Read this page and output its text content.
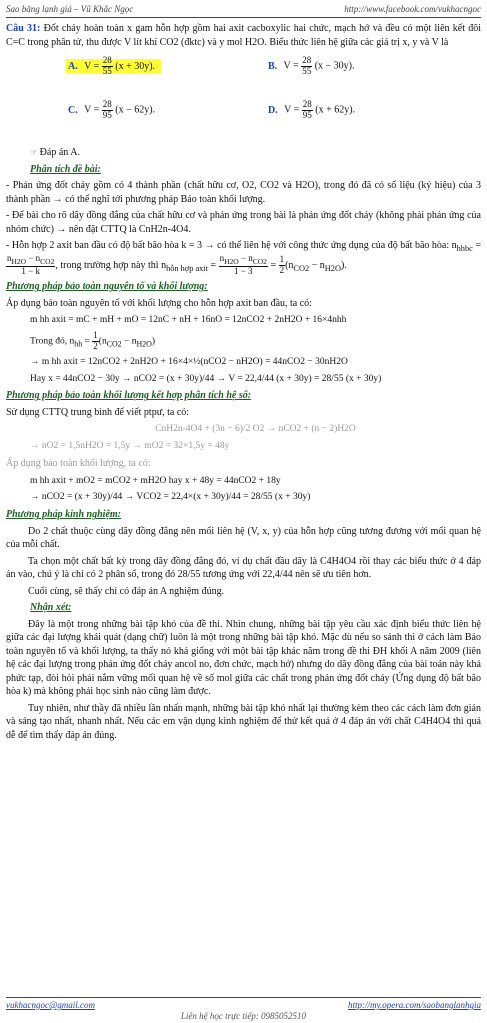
Sao băng lạnh giá – Vũ Khắc Ngọc	http://www.facebook.com/vukhacngoc

Câu 31: Đốt cháy hoàn toàn x gam hỗn hợp gồm hai axit cacboxylic hai chức, mạch hở và đều có một liên kết đôi C=C trong phân tử, thu được V lít khí CO2 (đktc) và y mol H2O. Biểu thức liên hệ giữa các giá trị x, y và V là

A. $V = \frac{28}{55} (x + 30y)$.	B. $V = \frac{28}{55} (x - 30y)$.
C. $V = \frac{28}{95} (x - 62y)$.	D. $V = \frac{28}{95} (x + 62y)$.

☞ Đáp án A.

Phân tích đề bài:

- Phản ứng đốt cháy gồm có 4 thành phần (chất hữu cơ, O2, CO2 và H2O), trong đó đã có số liệu (ký hiệu) của 3 thành phần → có thể nghĩ tới phương pháp Bảo toàn khối lượng.

- Để bài cho rõ dãy đồng đẳng của chất hữu cơ và phản ứng trong bài là phản ứng đốt cháy (không phải phản ứng của nhóm chức) → nên đặt CTTQ là CnH2n-4O4.

- Hỗn hợp 2 axit ban đầu có độ bất bão hòa k = 3 → có thể liên hệ với công thức ứng dụng của độ bất bão hòa: $n_{hhbc}$ =
$n_{H2O} - n_{CO2}$
1 − k
, trong trường hợp này thì $n_{hỗn hợp axit}$ =
$n_{H2O} - n_{CO2}$
1 − 3
= $\frac{1}{2} (n_{CO2} - n_{H2O})$.

Phương pháp bảo toàn nguyên tố và khối lượng:

Áp dụng bảo toàn nguyên tố với khối lượng cho hỗn hợp axit ban đầu, ta có:

m hh axit = mC + mH + mO = 12nC + nH + 16nO = 12nCO2 + 2nH2O + 16×4nhh

Trong đó, $n_{hh} = \frac{1}{2} (n_{CO2} - n_{H2O})$

→ m hh axit = 12nCO2 + 2nH2O + 16×4×½(nCO2 − nH2O) = 44nCO2 − 30nH2O

Hay x = 44nCO2 − 30y → nCO2 = (x + 30y)/44 → V = 22,4/44 (x + 30y) = 28/55 (x + 30y)

Phương pháp bảo toàn khối lượng kết hợp phân tích hệ số:

Sử dụng CTTQ trung bình để viết ptpư, ta có:

CnH2n-4O4 + (3n − 6)/2 O2 → nCO2 + (n − 2)H2O

→ nO2 = 1,5nH2O = 1,5y → mO2 = 32×1,5y = 48y

Áp dụng bảo toàn khối lượng, ta có:

m hh axit + mO2 = mCO2 + mH2O hay x + 48y = 44nCO2 + 18y

→ nCO2 = (x + 30y)/44 → VCO2 = 22,4×(x + 30y)/44 = 28/55 (x + 30y)

Phương pháp kinh nghiệm:

Do 2 chất thuộc cùng dãy đồng đẳng nên mối liên hệ (V, x, y) của hỗn hợp cũng tương đương với mối quan hệ của mỗi chất.

Ta chọn một chất bất kỳ trong dãy đồng đẳng đó, ví dụ chất đầu dãy là C4H4O4 rồi thay các biểu thức ở 4 đáp án vào, chú ý là chỉ có 2 phân số, trong đó 28/55 tương ứng với 22,4/44 nên sẽ ưu tiên hơn.

Cuối cùng, sẽ thấy chỉ có đáp án A nghiệm đúng.

Nhận xét:

Đây là một trong những bài tập khó của đề thi. Nhìn chung, những bài tập yêu cầu xác định biểu thức liên hệ giữa các đại lượng khái quát (dạng chữ) luôn là một trong những bài tập khó. Mặc dù nếu so sánh thì ở cách làm Bảo toàn nguyên tố và khối lượng, ta thấy nó khá giống với một bài tập khác năm trong đề thi ĐH khối A năm 2009 (liên hệ các đại lượng trong phản ứng đốt cháy ancol no, đơn chức, mạch hở) nhưng do dãy đồng đẳng của bài toán này khá phức tạp, đòi hỏi phải nắm vững mối quan hệ về số mol giữa các chất trong phản ứng đốt cháy (Ứng dụng độ bất bão hòa k) mà không phải học sinh nào cũng làm được.

Tuy nhiên, như thầy đã nhiều lần nhấn mạnh, những bài tập khó nhất lại thường kèm theo các cách làm đơn giản và sáng tạo nhất, nhanh nhất. Nếu các em vận dụng kinh nghiệm để thử kết quả ở 4 đáp án với chất C4H4O4 thì quá dễ để tìm thấy đáp án đúng.

vukhacngoc@gmail.com	http://my.opera.com/saobanglanhgia
Liên hệ học trực tiếp: 0985052510
